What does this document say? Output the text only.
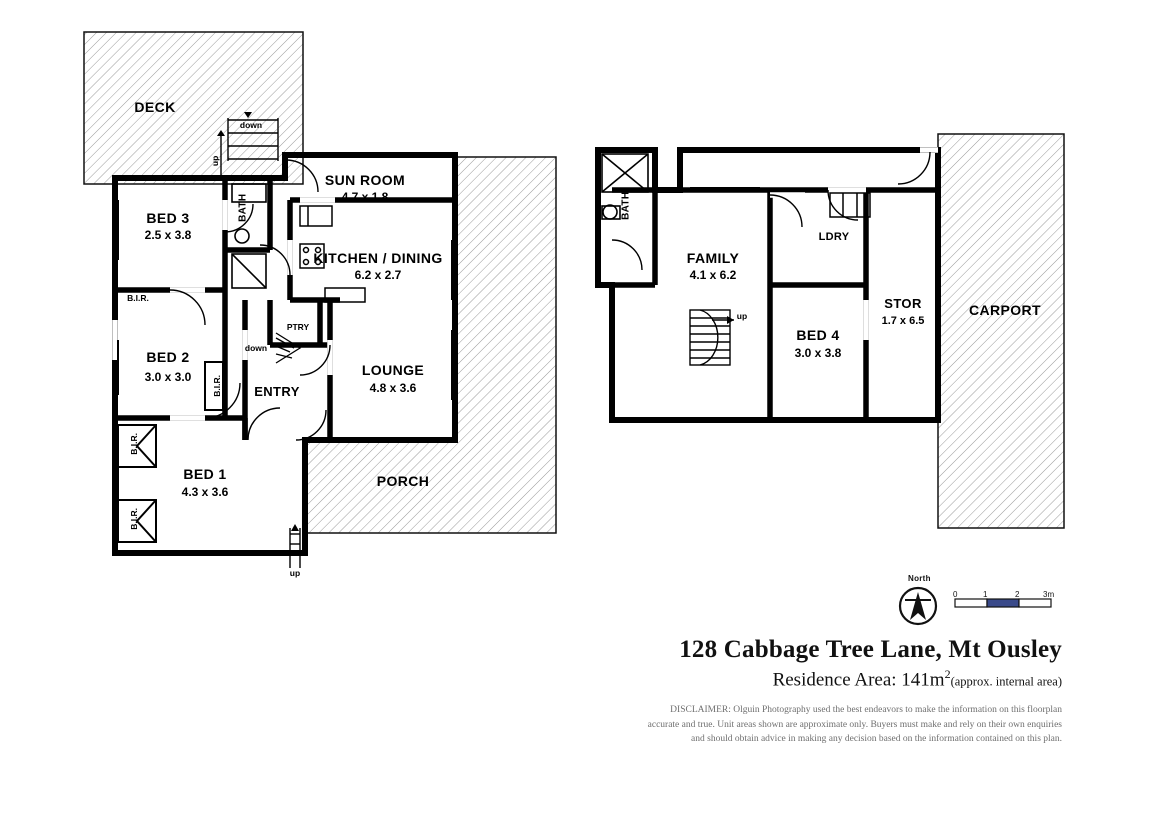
DECK
SUN ROOM
4.7 x 1.8
BED 3
2.5 x 3.8
BATH
KITCHEN / DINING
6.2 x 2.7
PTRY
BED 2
3.0 x 3.0	LOUNGE
4.8 x 3.6
ENTRY
BED 1
4.3 x 3.6
PORCH
B.I.R.
B.I.R.
B.I.R.
B.I.R.
up
down
down
up
BATH
FAMILY
4.1 x 6.2
LDRY
STOR
1.7 x 6.5
BED 4
3.0 x 3.8
CARPORT
up
North
0	1	2	3m
128 Cabbage Tree Lane, Mt Ousley
Residence Area: $141m^2(approx$. internal area)
DISCLAIMER: Olguin Photography used the best endeavors to make the information on this floorplan
accurate and true. Unit areas shown are approximate only. Buyers must make and rely on their own enquiries
and should obtain advice in making any decision based on the information contained on this plan.
